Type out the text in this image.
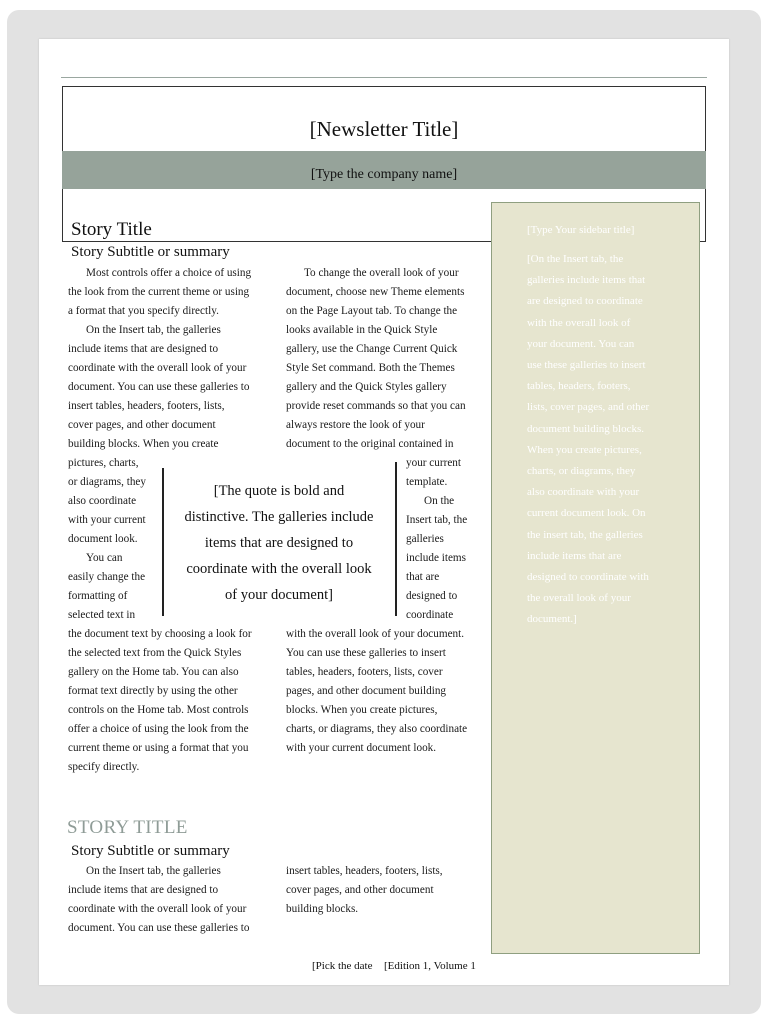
[Newsletter Title]
[Type the company name]
[Type Your sidebar title]
[On the Insert tab, the
galleries include items that
are designed to coordinate
with the overall look of
your document. You can
use these galleries to insert
tables, headers, footers,
lists, cover pages, and other
document building blocks.
When you create pictures,
charts, or diagrams, they
also coordinate with your
current document look. On
the insert tab, the galleries
include items that are
designed to coordinate with
the overall look of your
document.]
Story Title
Story Subtitle or summary
Most controls offer a choice of using
the look from the current theme or using
a format that you specify directly.
On the Insert tab, the galleries
include items that are designed to
coordinate with the overall look of your
document. You can use these galleries to
insert tables, headers, footers, lists,
cover pages, and other document
building blocks. When you create
pictures, charts,
or diagrams, they
also coordinate
with your current
document look.
You can
easily change the
formatting of
selected text in
the document text by choosing a look for
the selected text from the Quick Styles
gallery on the Home tab. You can also
format text directly by using the other
controls on the Home tab. Most controls
offer a choice of using the look from the
current theme or using a format that you
specify directly.
To change the overall look of your
document, choose new Theme elements
on the Page Layout tab. To change the
looks available in the Quick Style
gallery, use the Change Current Quick
Style Set command. Both the Themes
gallery and the Quick Styles gallery
provide reset commands so that you can
always restore the look of your
document to the original contained in
your current
template.
On the
Insert tab, the
galleries
include items
that are
designed to
coordinate
with the overall look of your document.
You can use these galleries to insert
tables, headers, footers, lists, cover
pages, and other document building
blocks. When you create pictures,
charts, or diagrams, they also coordinate
with your current document look.
[The quote is bold and
distinctive. The galleries include
items that are designed to
coordinate with the overall look
of your document]
STORY TITLE
Story Subtitle or summary
On the Insert tab, the galleries
include items that are designed to
coordinate with the overall look of your
document. You can use these galleries to
insert tables, headers, footers, lists,
cover pages, and other document
building blocks.
[Pick the date [Edition 1, Volume 1
